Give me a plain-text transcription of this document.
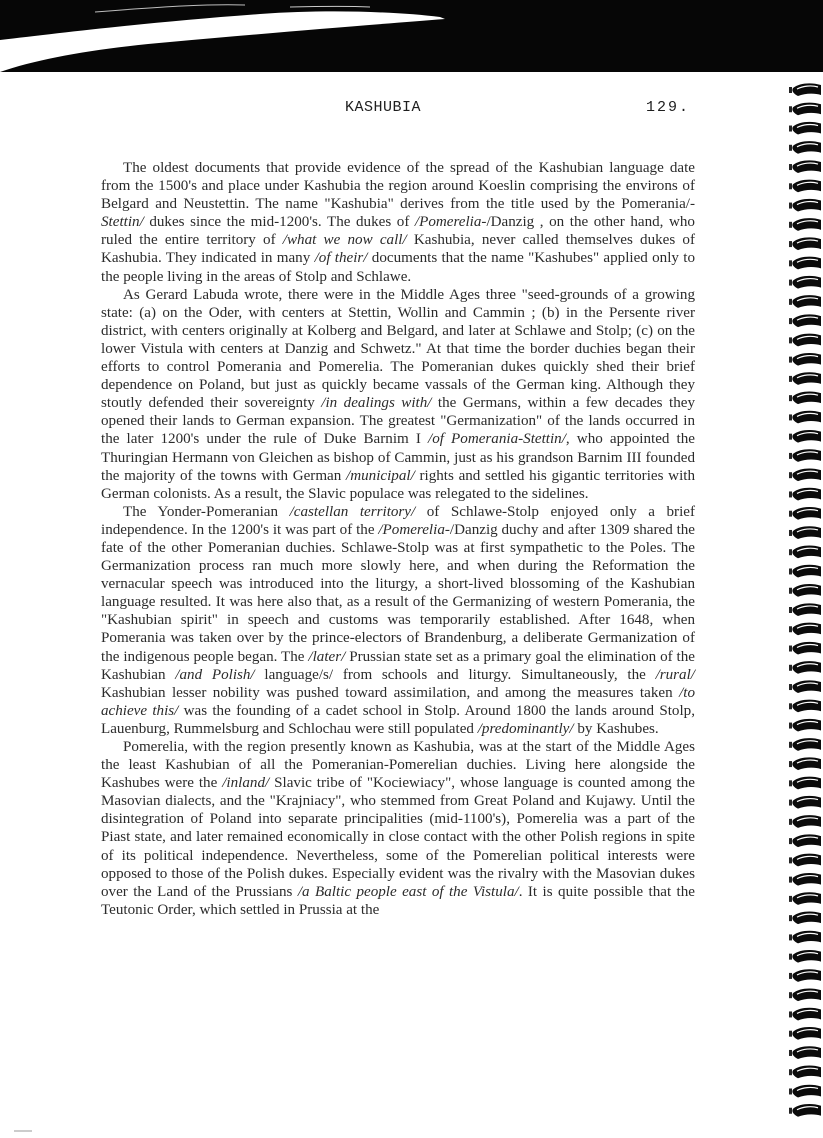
KASHUBIA	129.

The oldest documents that provide evidence of the spread of the Kashubian language date from the 1500's and place under Kashubia the region around Koeslin comprising the environs of Belgard and Neustettin. The name "Kashubia" derives from the title used by the Pomerania/-Stettin/ dukes since the mid-1200's. The dukes of /Pomerelia-/Danzig , on the other hand, who ruled the entire territory of /what we now call/ Kashubia, never called themselves dukes of Kashubia. They indicated in many /of their/ documents that the name "Kashubes" applied only to the people living in the areas of Stolp and Schlawe.

As Gerard Labuda wrote, there were in the Middle Ages three "seed-grounds of a growing state: (a) on the Oder, with centers at Stettin, Wollin and Cammin ; (b) in the Persente river district, with centers originally at Kolberg and Belgard, and later at Schlawe and Stolp; (c) on the lower Vistula with centers at Danzig and Schwetz." At that time the border duchies began their efforts to control Pomerania and Pomerelia. The Pomeranian dukes quickly shed their brief dependence on Poland, but just as quickly became vassals of the German king. Although they stoutly defended their sovereignty /in dealings with/ the Germans, within a few decades they opened their lands to German expansion. The greatest "Germanization" of the lands occurred in the later 1200's under the rule of Duke Barnim I /of Pomerania-Stettin/, who appointed the Thuringian Hermann von Gleichen as bishop of Cammin, just as his grandson Barnim III founded the majority of the towns with German /municipal/ rights and settled his gigantic territories with German colonists. As a result, the Slavic populace was relegated to the sidelines.

The Yonder-Pomeranian /castellan territory/ of Schlawe-Stolp enjoyed only a brief independence. In the 1200's it was part of the /Pomerelia-/Danzig duchy and after 1309 shared the fate of the other Pomeranian duchies. Schlawe-Stolp was at first sympathetic to the Poles. The Germanization process ran much more slowly here, and when during the Reformation the vernacular speech was introduced into the liturgy, a short-lived blossoming of the Kashubian language resulted. It was here also that, as a result of the Germanizing of western Pomerania, the "Kashubian spirit" in speech and customs was temporarily established. After 1648, when Pomerania was taken over by the prince-electors of Brandenburg, a deliberate Germanization of the indigenous people began. The /later/ Prussian state set as a primary goal the elimination of the Kashubian /and Polish/ language/s/ from schools and liturgy. Simultaneously, the /rural/ Kashubian lesser nobility was pushed toward assimilation, and among the measures taken /to achieve this/ was the founding of a cadet school in Stolp. Around 1800 the lands around Stolp, Lauenburg, Rummelsburg and Schlochau were still populated /predominantly/ by Kashubes.

Pomerelia, with the region presently known as Kashubia, was at the start of the Middle Ages the least Kashubian of all the Pomeranian-Pomerelian duchies. Living here alongside the Kashubes were the /inland/ Slavic tribe of "Kociewiacy", whose language is counted among the Masovian dialects, and the "Krajniacy", who stemmed from Great Poland and Kujawy. Until the disintegration of Poland into separate principalities (mid-1100's), Pomerelia was a part of the Piast state, and later remained economically in close contact with the other Polish regions in spite of its political independence. Nevertheless, some of the Pomerelian political interests were opposed to those of the Polish dukes. Especially evident was the rivalry with the Masovian dukes over the Land of the Prussians /a Baltic people east of the Vistula/. It is quite possible that the Teutonic Order, which settled in Prussia at the
